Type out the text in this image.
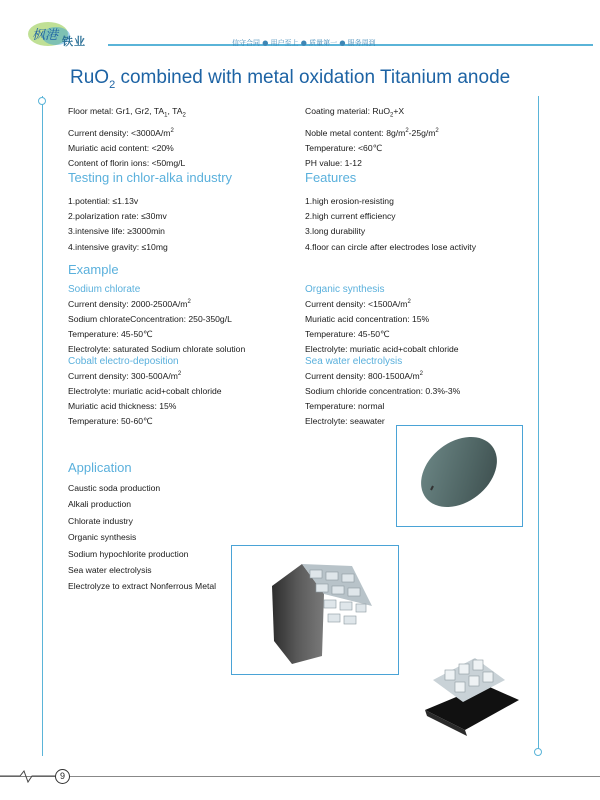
枫港 铁业	信守合同 ● 用户至上 ● 质量第一 ● 服务周到
RuO$_2$ combined with metal oxidation Titanium anode
Floor metal: Gr1, Gr2, $TA_1$, $TA_2$
Current density: $<3000A/m^2$
Muriatic acid content: <20%
Content of florin ions: <50mg/L
Coating material: RuO$_2$+X
Noble metal content: $8g/m^2-25g/m^2$
Temperature: <60℃
PH value: 1-12
Testing in chlor-alka industry
1.potential: ≤1.13v
2.polarization rate: ≤30mv
3.intensive life: ≥3000min
4.intensive gravity: ≤10mg
Features
1.high erosion-resisting
2.high current efficiency
3.long durability
4.floor can circle after electrodes lose activity
Example
Sodium chlorate
Current density: $2000-2500A/m^2$
Sodium chlorateConcentration: 250-350g/L
Temperature: 45-50℃
Electrolyte: saturated Sodium chlorate solution
Organic synthesis
Current density: $<1500A/m^2$
Muriatic acid concentration: 15%
Temperature: 45-50℃
Electrolyte: muriatic acid+cobalt chloride
Cobalt electro-deposition
Current density: $300-500A/m^2$
Electrolyte: muriatic acid+cobalt chloride
Muriatic acid thickness: 15%
Temperature: 50-60℃
Sea water electrolysis
Current density: $800-1500A/m^2$
Sodium chloride concentration: 0.3%-3%
Temperature: normal
Electrolyte: seawater
Application
Caustic soda production
Alkali production
Chlorate industry
Organic synthesis
Sodium hypochlorite production
Sea water electrolysis
Electrolyze to extract Nonferrous Metal
9
